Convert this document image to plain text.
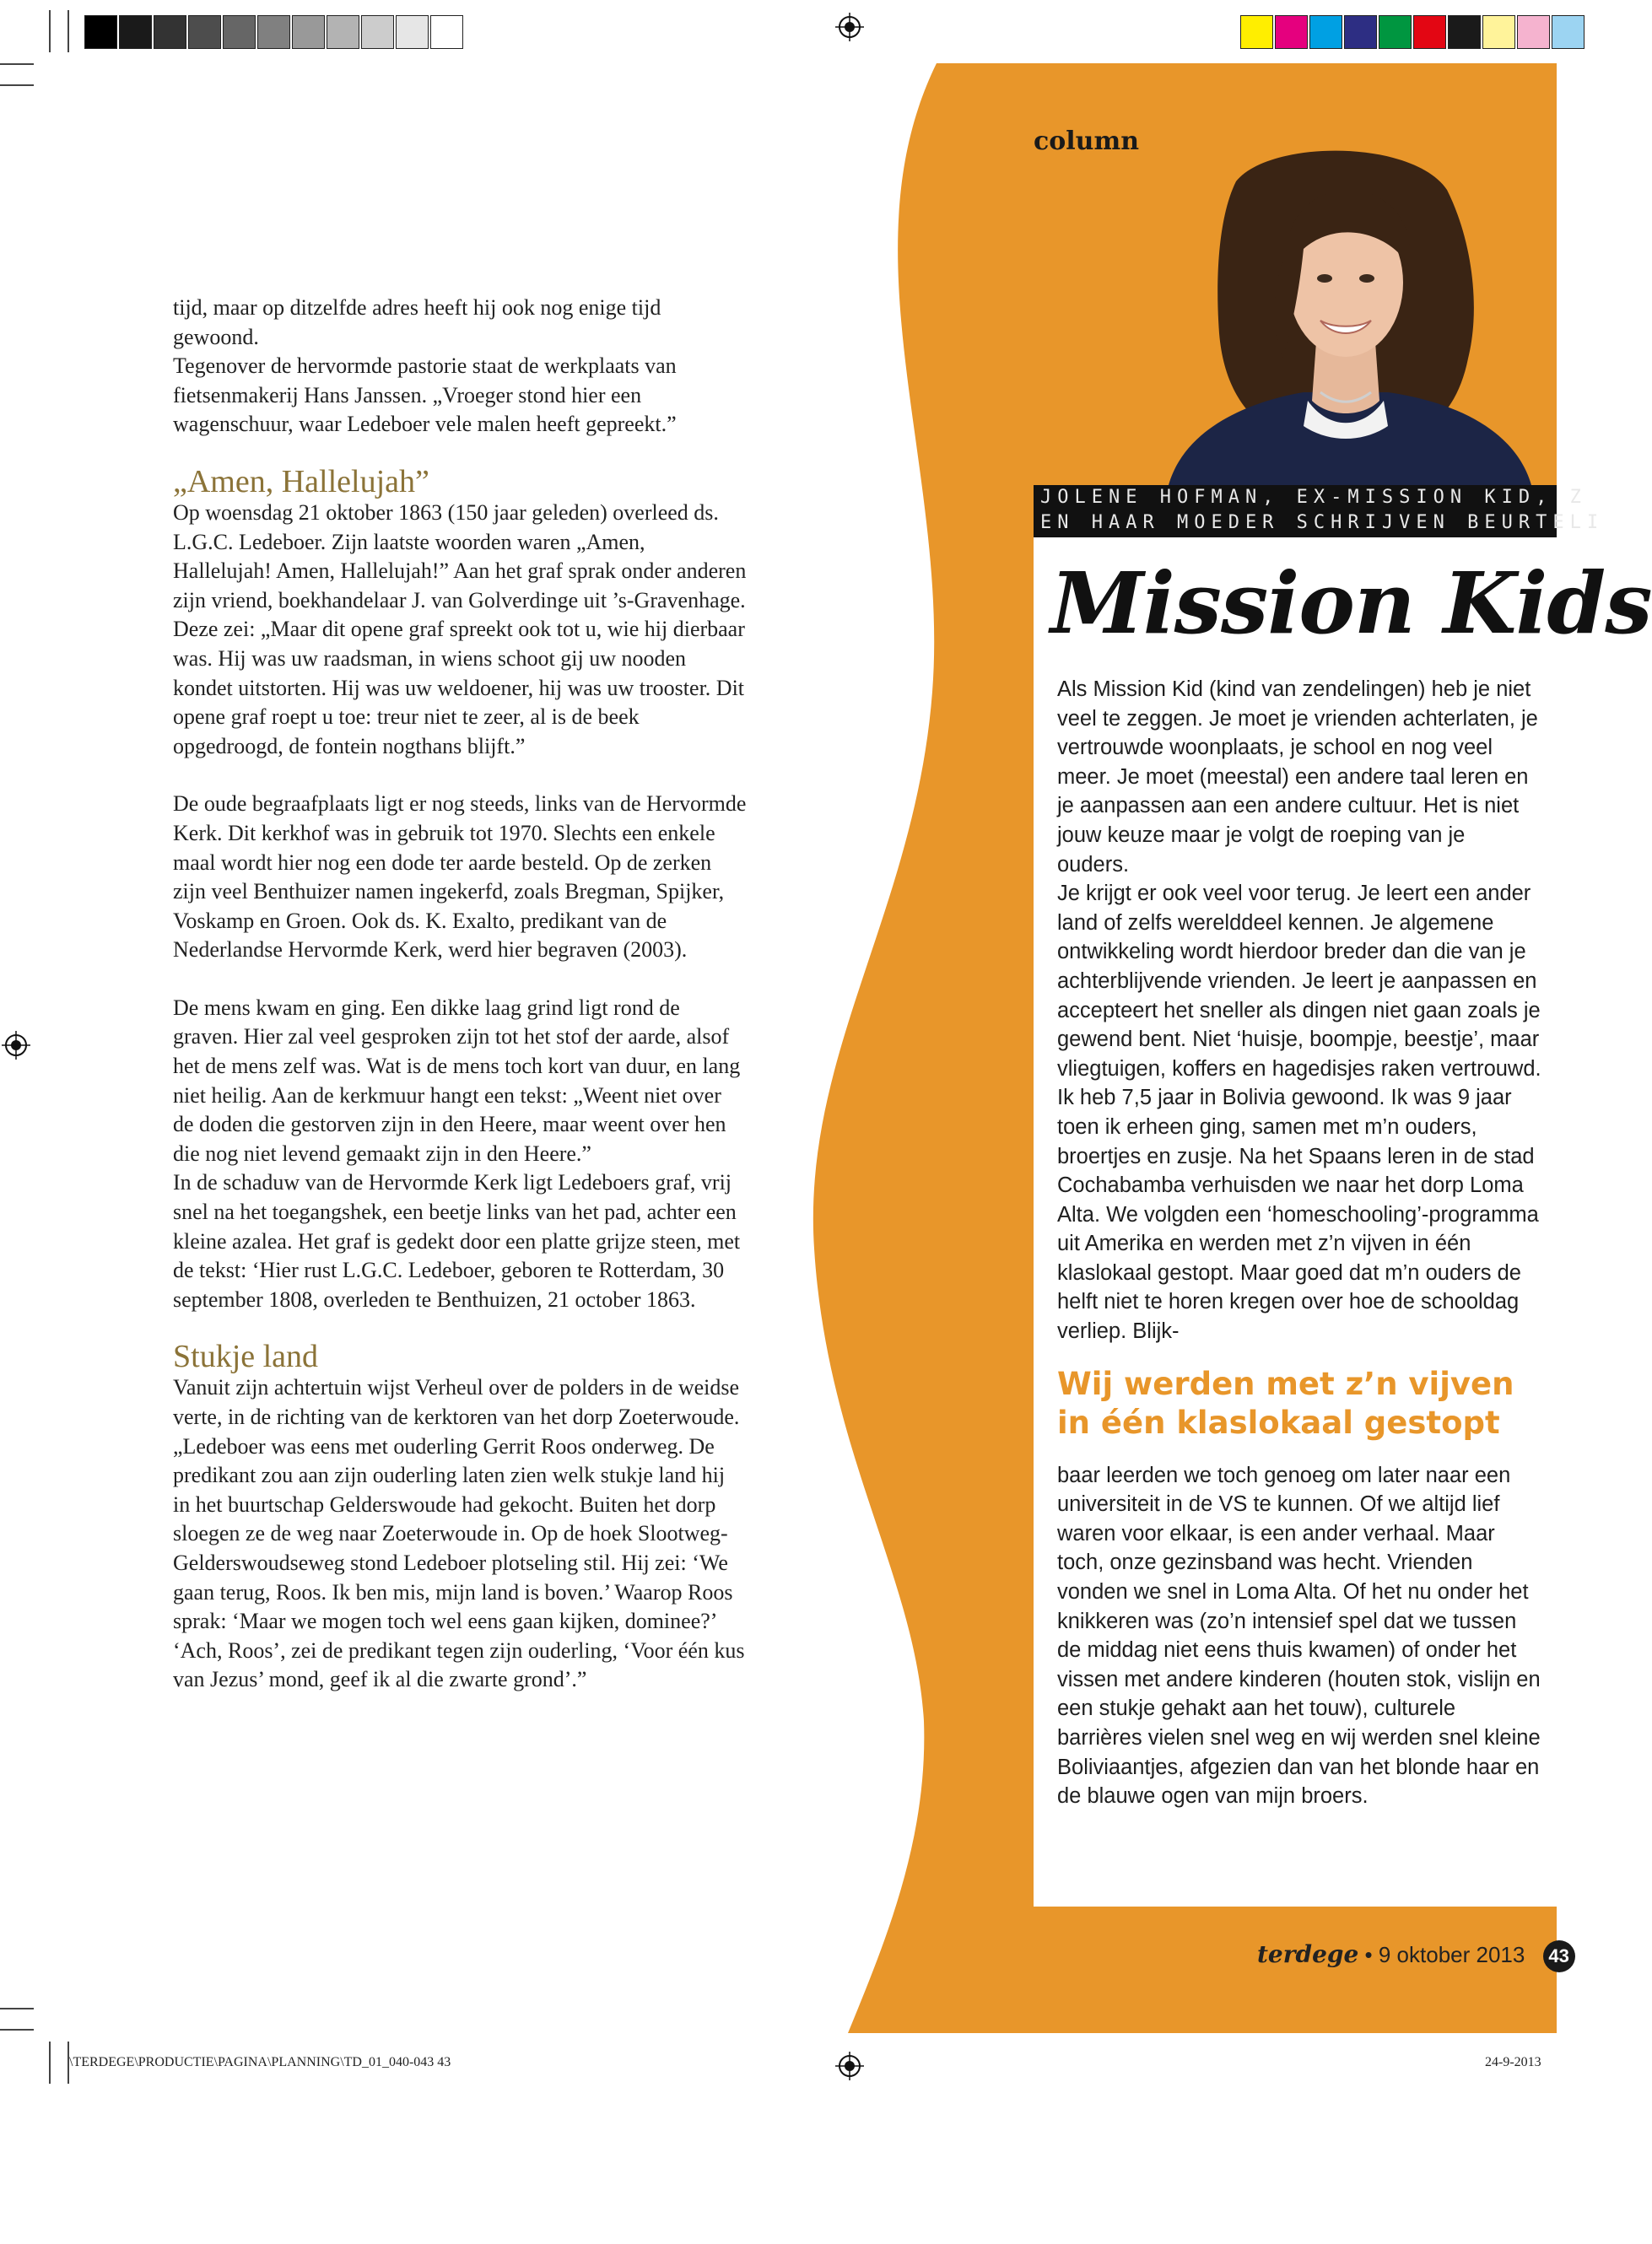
tijd, maar op ditzelfde adres heeft hij ook nog enige tijd gewoond.

Tegenover de hervormde pastorie staat de werkplaats van fietsenmakerij Hans Janssen. „Vroeger stond hier een wagenschuur, waar Ledeboer vele malen heeft gepreekt.”

„Amen, Hallelujah”

Op woensdag 21 oktober 1863 (150 jaar geleden) overleed ds. L.G.C. Ledeboer. Zijn laatste woorden waren „Amen, Hallelujah! Amen, Hallelujah!” Aan het graf sprak onder anderen zijn vriend, boekhandelaar J. van Golverdinge uit ’s-Gravenhage. Deze zei: „Maar dit opene graf spreekt ook tot u, wie hij dierbaar was. Hij was uw raadsman, in wiens schoot gij uw nooden kondet uitstorten. Hij was uw weldoener, hij was uw trooster. Dit opene graf roept u toe: treur niet te zeer, al is de beek opgedroogd, de fontein nogthans blijft.”

De oude begraafplaats ligt er nog steeds, links van de Hervormde Kerk. Dit kerkhof was in gebruik tot 1970. Slechts een enkele maal wordt hier nog een dode ter aarde besteld. Op de zerken zijn veel Benthuizer namen ingekerfd, zoals Bregman, Spijker, Voskamp en Groen. Ook ds. K. Exalto, predikant van de Nederlandse Hervormde Kerk, werd hier begraven (2003).

De mens kwam en ging. Een dikke laag grind ligt rond de graven. Hier zal veel gesproken zijn tot het stof der aarde, alsof het de mens zelf was. Wat is de mens toch kort van duur, en lang niet heilig. Aan de kerkmuur hangt een tekst: „Weent niet over de doden die gestorven zijn in den Heere, maar weent over hen die nog niet levend gemaakt zijn in den Heere.”

In de schaduw van de Hervormde Kerk ligt Ledeboers graf, vrij snel na het toegangshek, een beetje links van het pad, achter een kleine azalea. Het graf is gedekt door een platte grijze steen, met de tekst: ‘Hier rust L.G.C. Ledeboer, geboren te Rotterdam, 30 september 1808, overleden te Benthuizen, 21 october 1863.

Stukje land

Vanuit zijn achtertuin wijst Verheul over de polders in de weidse verte, in de richting van de kerktoren van het dorp Zoeterwoude. „Ledeboer was eens met ouderling Gerrit Roos onderweg. De predikant zou aan zijn ouderling laten zien welk stukje land hij in het buurtschap Gelderswoude had gekocht. Buiten het dorp sloegen ze de weg naar Zoeterwoude in. Op de hoek Slootweg-Gelderswoudseweg stond Ledeboer plotseling stil. Hij zei: ‘We gaan terug, Roos. Ik ben mis, mijn land is boven.’ Waarop Roos sprak: ‘Maar we mogen toch wel eens gaan kijken, dominee?’ ‘Ach, Roos’, zei de predikant tegen zijn ouderling, ‘Voor één kus van Jezus’ mond, geef ik al die zwarte grond’.”

column
JOLENE HOFMAN, EX-MISSION KID, Z
EN HAAR MOEDER SCHRIJVEN BEURTELI
Mission Kids

Als Mission Kid (kind van zendelingen) heb je niet veel te zeggen. Je moet je vrienden achterlaten, je vertrouwde woonplaats, je school en nog veel meer. Je moet (meestal) een andere taal leren en je aanpassen aan een andere cultuur. Het is niet jouw keuze maar je volgt de roeping van je ouders.

Je krijgt er ook veel voor terug. Je leert een ander land of zelfs werelddeel kennen. Je algemene ontwikkeling wordt hierdoor breder dan die van je achterblijvende vrienden. Je leert je aanpassen en accepteert het sneller als dingen niet gaan zoals je gewend bent. Niet ‘huisje, boompje, beestje’, maar vliegtuigen, koffers en hagedisjes raken vertrouwd. Ik heb 7,5 jaar in Bolivia gewoond. Ik was 9 jaar toen ik erheen ging, samen met m’n ouders, broertjes en zusje. Na het Spaans leren in de stad Cochabamba verhuisden we naar het dorp Loma Alta. We volgden een ‘homeschooling’-programma uit Amerika en werden met z’n vijven in één klaslokaal gestopt. Maar goed dat m’n ouders de helft niet te horen kregen over hoe de schooldag verliep. Blijk-

Wij werden met z’n vijven in één klaslokaal gestopt

baar leerden we toch genoeg om later naar een universiteit in de VS te kunnen. Of we altijd lief waren voor elkaar, is een ander verhaal. Maar toch, onze gezinsband was hecht. Vrienden vonden we snel in Loma Alta. Of het nu onder het knikkeren was (zo’n intensief spel dat we tussen de middag niet eens thuis kwamen) of onder het vissen met andere kinderen (houten stok, vislijn en een stukje gehakt aan het touw), culturele barrières vielen snel weg en wij werden snel kleine Boliviaantjes, afgezien dan van het blonde haar en de blauwe ogen van mijn broers.

terdege • 9 oktober 2013 43
\TERDEGE\PRODUCTIE\PAGINA\PLANNING\TD_01_040-043 43	24-9-2013
